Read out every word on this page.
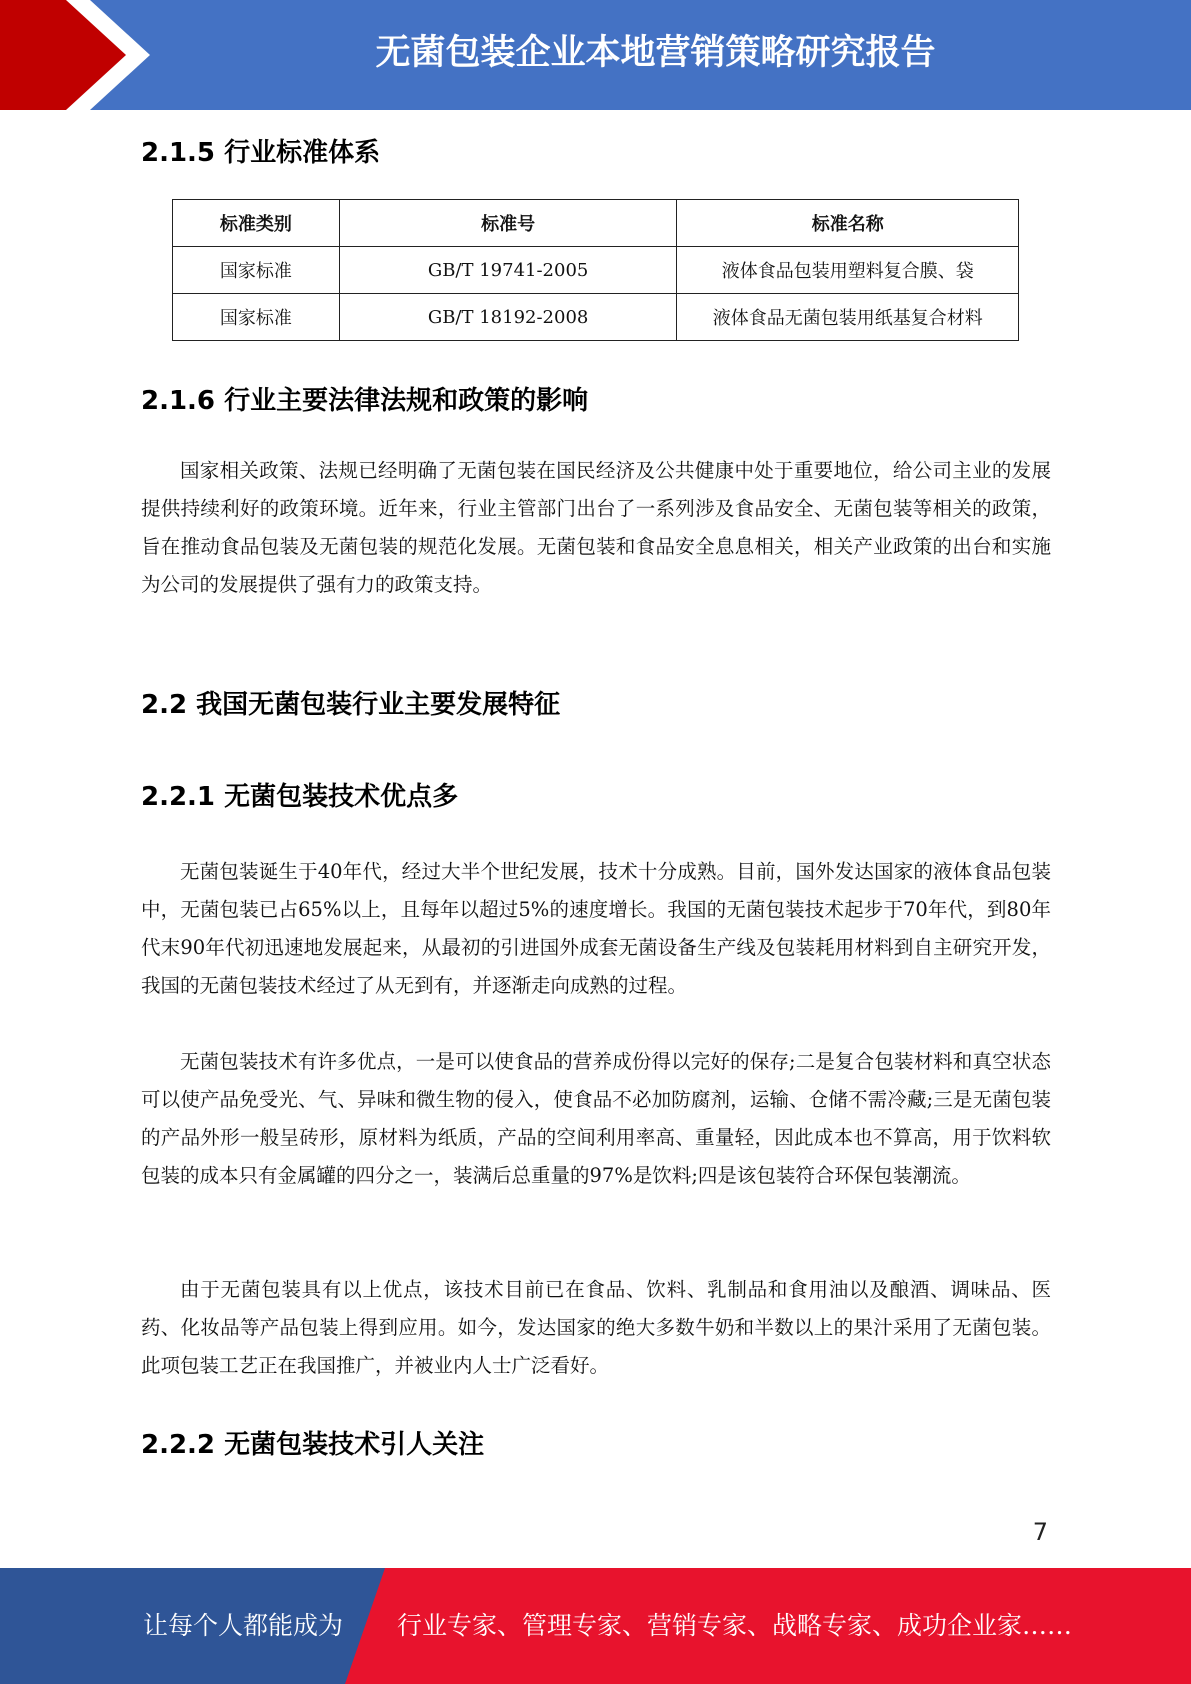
无菌包装企业本地营销策略研究报告
2.1.5 行业标准体系
标准类别	标准号	标准名称
国家标准	GB/T 19741-2005	液体食品包装用塑料复合膜、袋
国家标准	GB/T 18192-2008	液体食品无菌包装用纸基复合材料
2.1.6 行业主要法律法规和政策的影响
国家相关政策、法规已经明确了无菌包装在国民经济及公共健康中处于重要地位，给公司主业的发展提供持续利好的政策环境。近年来，行业主管部门出台了一系列涉及食品安全、无菌包装等相关的政策，旨在推动食品包装及无菌包装的规范化发展。无菌包装和食品安全息息相关，相关产业政策的出台和实施为公司的发展提供了强有力的政策支持。
2.2 我国无菌包装行业主要发展特征
2.2.1 无菌包装技术优点多
无菌包装诞生于40年代，经过大半个世纪发展，技术十分成熟。目前，国外发达国家的液体食品包装中，无菌包装已占65%以上，且每年以超过5%的速度增长。我国的无菌包装技术起步于70年代，到80年代末90年代初迅速地发展起来，从最初的引进国外成套无菌设备生产线及包装耗用材料到自主研究开发，我国的无菌包装技术经过了从无到有，并逐渐走向成熟的过程。
无菌包装技术有许多优点，一是可以使食品的营养成份得以完好的保存;二是复合包装材料和真空状态可以使产品免受光、气、异味和微生物的侵入，使食品不必加防腐剂，运输、仓储不需冷藏;三是无菌包装的产品外形一般呈砖形，原材料为纸质，产品的空间利用率高、重量轻，因此成本也不算高，用于饮料软包装的成本只有金属罐的四分之一，装满后总重量的97%是饮料;四是该包装符合环保包装潮流。
由于无菌包装具有以上优点，该技术目前已在食品、饮料、乳制品和食用油以及酿酒、调味品、医药、化妆品等产品包装上得到应用。如今，发达国家的绝大多数牛奶和半数以上的果汁采用了无菌包装。此项包装工艺正在我国推广，并被业内人士广泛看好。
2.2.2 无菌包装技术引人关注
7
让每个人都能成为 行业专家、管理专家、营销专家、战略专家、成功企业家……
